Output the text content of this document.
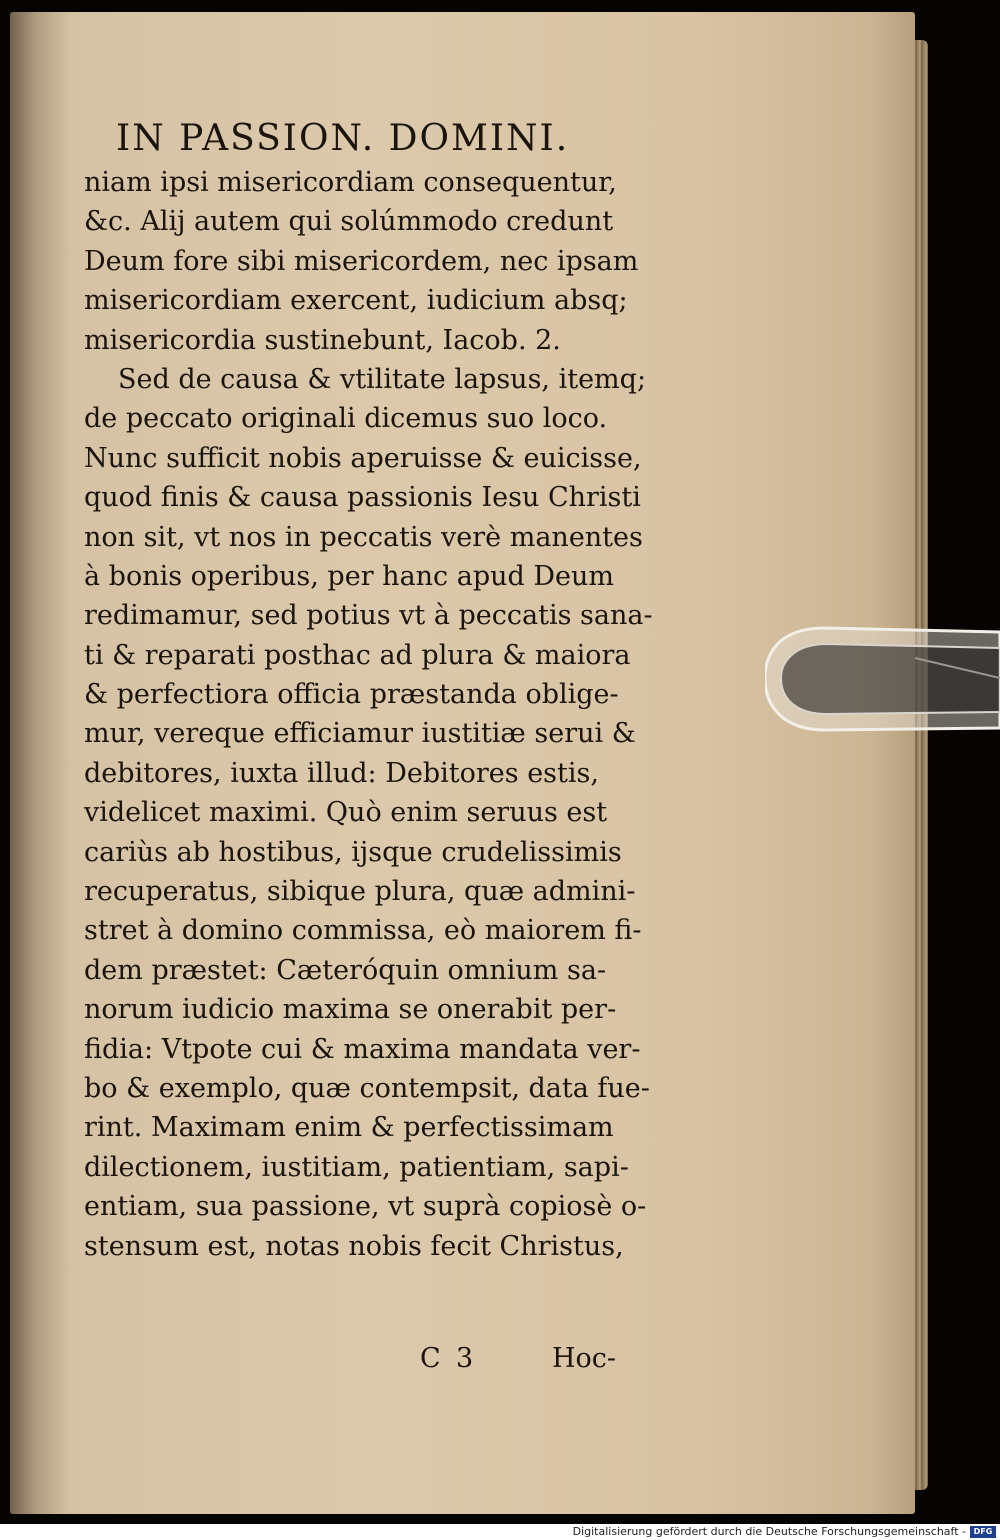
IN PASSION. DOMINI.

niam ipsi misericordiam consequentur,

&c. Alij autem qui solúmmodo credunt

Deum fore sibi misericordem, nec ipsam

misericordiam exercent, iudicium absq;

misericordia sustinebunt, Iacob. 2.

Sed de causa & vtilitate lapsus, itemq;

de peccato originali dicemus suo loco.

Nunc sufficit nobis aperuisse & euicisse,

quod finis & causa passionis Iesu Christi

non sit, vt nos in peccatis verè manentes

à bonis operibus, per hanc apud Deum

redimamur, sed potius vt à peccatis sana-

ti & reparati posthac ad plura & maiora

& perfectiora officia præstanda oblige-

mur, vereque efficiamur iustitiæ serui &

debitores, iuxta illud: Debitores estis,

videlicet maximi. Quò enim seruus est

cariùs ab hostibus, ijsque crudelissimis

recuperatus, sibique plura, quæ admini-

stret à domino commissa, eò maiorem fi-

dem præstet: Cæteróquin omnium sa-

norum iudicio maxima se onerabit per-

fidia: Vtpote cui & maxima mandata ver-

bo & exemplo, quæ contempsit, data fue-

rint. Maximam enim & perfectissimam

dilectionem, iustitiam, patientiam, sapi-

entiam, sua passione, vt suprà copiosè o-

stensum est, notas nobis fecit Christus,

C 3	Hoc-
Digitalisierung gefördert durch die Deutsche Forschungsgemeinschaft - DFG
